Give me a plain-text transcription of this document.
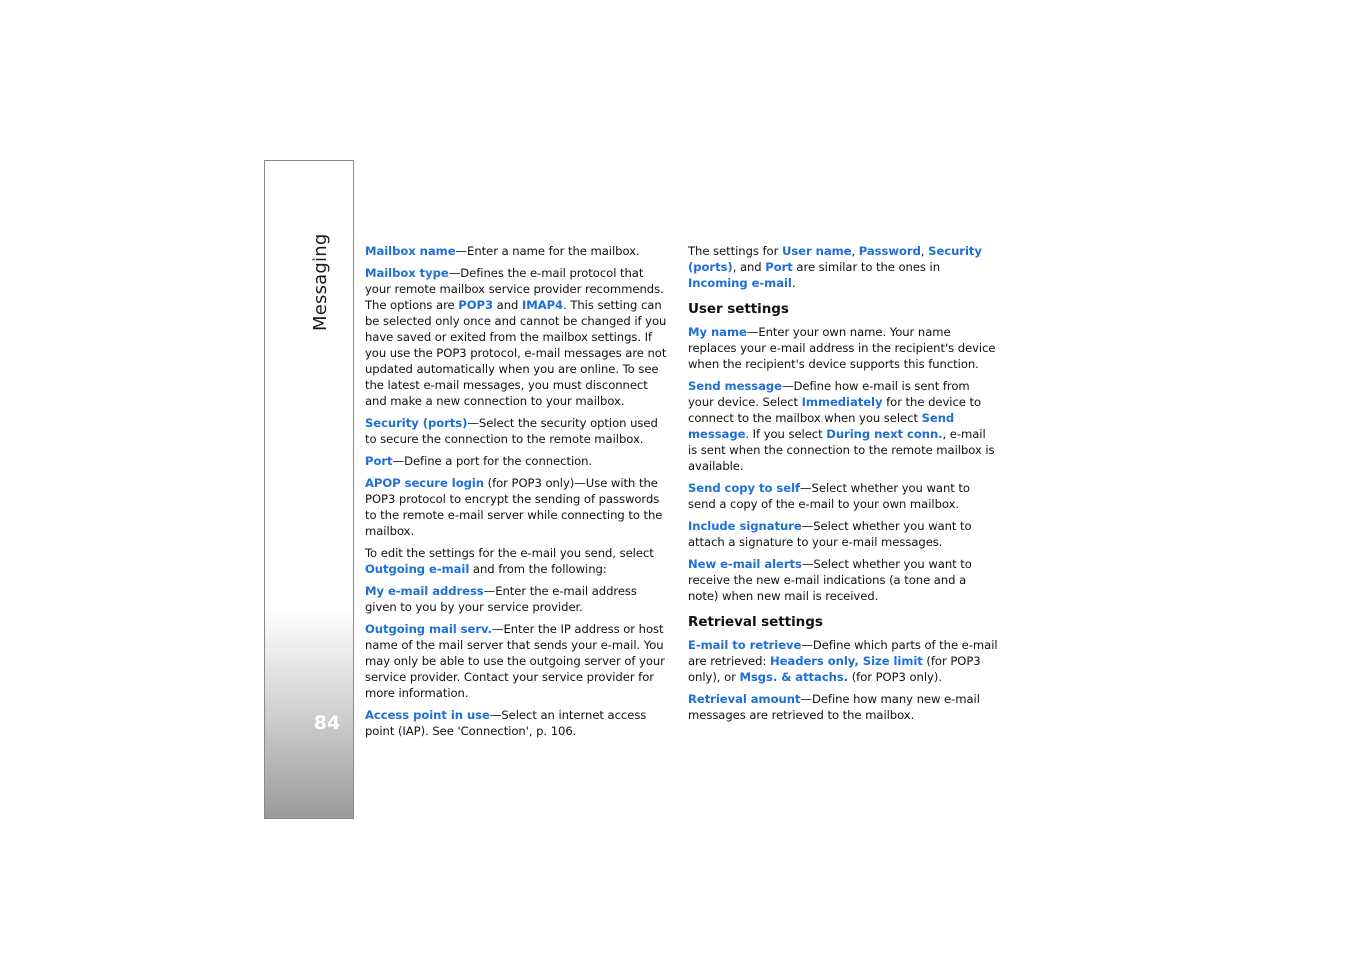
Messaging
84

Mailbox name—Enter a name for the mailbox.

Mailbox type—Defines the e-mail protocol that your remote mailbox service provider recommends. The options are POP3 and IMAP4. This setting can be selected only once and cannot be changed if you have saved or exited from the mailbox settings. If you use the POP3 protocol, e-mail messages are not updated automatically when you are online. To see the latest e-mail messages, you must disconnect and make a new connection to your mailbox.

Security (ports)—Select the security option used to secure the connection to the remote mailbox.

Port—Define a port for the connection.

APOP secure login (for POP3 only)—Use with the POP3 protocol to encrypt the sending of passwords to the remote e-mail server while connecting to the mailbox.

To edit the settings for the e-mail you send, select Outgoing e-mail and from the following:

My e-mail address—Enter the e-mail address given to you by your service provider.

Outgoing mail serv.—Enter the IP address or host name of the mail server that sends your e-mail. You may only be able to use the outgoing server of your service provider. Contact your service provider for more information.

Access point in use—Select an internet access point (IAP). See 'Connection', p. 106.

The settings for User name, Password, Security (ports), and Port are similar to the ones in Incoming e-mail.

User settings

My name—Enter your own name. Your name replaces your e-mail address in the recipient's device when the recipient's device supports this function.

Send message—Define how e-mail is sent from your device. Select Immediately for the device to connect to the mailbox when you select Send message. If you select During next conn., e-mail is sent when the connection to the remote mailbox is available.

Send copy to self—Select whether you want to send a copy of the e-mail to your own mailbox.

Include signature—Select whether you want to attach a signature to your e-mail messages.

New e-mail alerts—Select whether you want to receive the new e-mail indications (a tone and a note) when new mail is received.

Retrieval settings

E-mail to retrieve—Define which parts of the e-mail are retrieved: Headers only, Size limit (for POP3 only), or Msgs. & attachs. (for POP3 only).

Retrieval amount—Define how many new e-mail messages are retrieved to the mailbox.
